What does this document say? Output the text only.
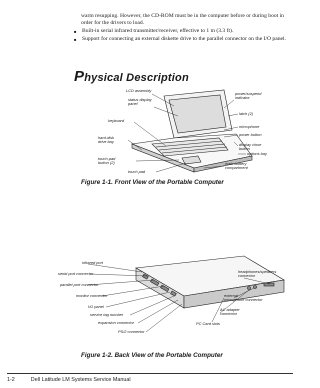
warm resupping. However, the CD-ROM must be in the computer before or during boot in order for the drivers to load.
■ Built-in serial infrared transmitter/receiver, effective to 1 m (3.3 ft).
■ Support for connecting an external diskette drive to the parallel connector on the I/O panel.
Physical Description
LCD assembly
status display
panel
keyboard
hard-disk
drive bay
touch-pad
button (2)
touch pad
power/suspend
indicator
latch (2)
microphone
power button
display close
button
options bay
main battery
compartment
Figure 1-1. Front View of the Portable Computer
infrared port
serial port connector
parallel port connector
monitor connector
I/O panel
service tag number
expansion connector
PS/2 connector
headphones/speakers
connector
external
microphone connector
AC adapter
connector
PC Card slots
Figure 1-2. Back View of the Portable Computer
1-2	Dell Latitude LM Systems Service Manual
